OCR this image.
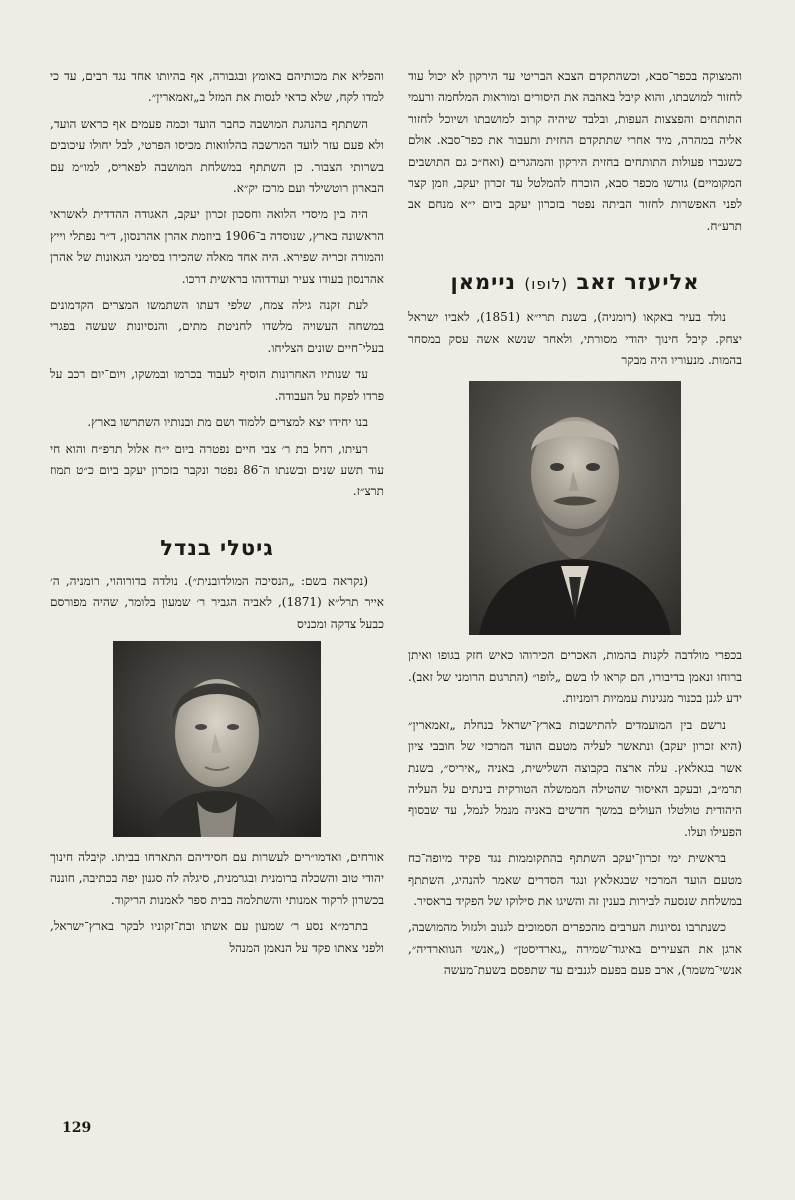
והמצוקה בכפר־סבא, וכשהתקדם הצבא הבריטי עד הירקון לא יכול עוד לחזור למושבתו, והוא קיבל באהבה את היסורים ומוראות המלחמה ורעמי התותחים והפצצות העפות, ובלבד שיהיה קרוב למושבתו ושיוכל לחזור אליה במהרה, מיד אחרי שתתקדם החזית ותעבור את כפר־סבא. אולם כשגברו פעולות התותחים בחזית הירקון והמהגרים (ואח״כ גם התושבים המקומיים) גורשו מכפר סבא, הוכרח להמלטל עד זכרון יעקב, וזמן קצר לפני האפשרות לחזור הביתה נפטר בזכרון יעקב ביום י״א מנחם אב תרע״ח.

אליעזר זאב (לופו) ניימאן

נולד בעיר באקאו (רומניה), בשנת תרי״א (1851), לאביו ישראל יצחק. קיבל חינוך יהודי מסורתי, ולאחר שנשא אשה עסק במסחר בהמות. מנעוריו היה מבקר

בכפרי מולדבה לקנות בהמות, האכרים הכירוהו כאיש חזק בגופו ואיתן ברוחו ונאמן בדיבורו, הם קראו לו בשם „לופו״ (התרגום הרומני של זאב). ידע לגנן בכנור מנגינות עממיות רומניות.

נרשם בין המועמדים להתישבות בארץ־ישראל בנחלת „זאמארין״ (היא זכרון יעקב) ונתאשר לעליה מטעם הועד המרכזי של חובבי ציון אשר בגאלאץ. עלה ארצה בקבוצה השלישית, באניה „איריס״, בשנת תרמ״ב, ובעקב האיסור שהטילה הממשלה הטורקית בינתים על העליה היהודית טולטלו העולים במשך חדשים באניה מנמל לנמל, עד שבסוף הפעילו ועלו.

בראשית ימי זכרון־יעקב השתתף בהתקוממות נגד פקיד מיופה־כח מטעם הועד המרכזי שבגאלאץ ונגד הסדרים שאמר להנהיג, השתתף במשלחת שנסעה לבירות בענין זה והשיגו את סילוקו של הפקיד בראסיר.

כשנתרבו נסיונות הערבים מהכפרים הסמוכים לגנוב ולגזול מהמושבה, ארגן את הצעירים באיגוד־שמירה „גארדיסטן״ („אנשי הגווארדיה״, אנשי־משמר), ארב פעם בפעם לגנבים עד שתפסם בשעת־מעשה

והפליא את מכותיהם באומץ ובגבורה, אף בהיותו אחד נגד רבים, עד כי למדו לקח, שלא כדאי לנסות את המזל ב„זאמארין״.

השתתף בהנהגת המושבה כחבר הועד וכמה פעמים אף כראש הועד, ולא פעם עזר לועד המרשבה בהלוואות מכיסו הפרטי, לבל יחולו עיכובים בשרותי הצבור. כן השתתף במשלחת המושבה לפאריס, למו״מ עם הבארון רוטשילד ועם מרכז יק״א.

היה בין מיסדי הלואה וחסכון זכרון יעקב, האגודה ההדדית לאשראי הראשונה בארץ, שנוסדה ב־1906 ביוזמת אהרן אהרנסון, ד״ר נפתלי וייץ והמורה זכריה שפירא. היה אחד מאלה שהכירו בסימני הגאונות של אהרן אהרנסון בעודו צעיר ועודדוהו בראשית דרכו.

לעת זקנה גילה צמח, שלפי דעתו השתמשו המצרים הקדמונים במשחה העשויה מלשדו לחניטת מתים, והנסיונות שעשה בפגרי בעלי־חיים שונים הצליחו.

עד שנותיו האחרונות הוסיף לעבוד בכרמו ובמשקו, ויום־יום רכב על פרדו לפקח על העבודה.

בנו יחידו יצא למצרים ללמוד ושם מת ובנותיו השתרשו בארץ.

רעיתו, רחל בת ר׳ צבי חיים נפטרה ביום י״ח אלול תרפ״ח והוא חי עוד תשע שנים ובשנתו ה־86 נפטר ונקבר בזכרון יעקב ביום כ״ט תמוז תרצ״ז.

גיטלי בנדל

(נקראה בשם: „הנסיכה המולדובנית״). נולדה בדורוהוי, רומניה, ה׳ אייר תרל״א (1871), לאביה הגביר ר׳ שמעון בלומר, שהיה מפורסם כבעל צדקה ומכניס

אורחים, ואדמו״רים לעשרות עם חסידיהם התארחו בביתו. קיבלה חינוך יהודי טוב והשכלה ברומנית ובגרמנית, סיגלה לה סגנון יפה בכתיבה, חוננה בכשרון לרקוד אמנותי והשתלמה בבית ספר לאמנות הריקוד.

בתרמ״א נסע ר׳ שמעון עם אשתו ובת־זקוניו לבקר בארץ־ישראל, ולפני צאתו פקד על הנאמן המנהל

129
